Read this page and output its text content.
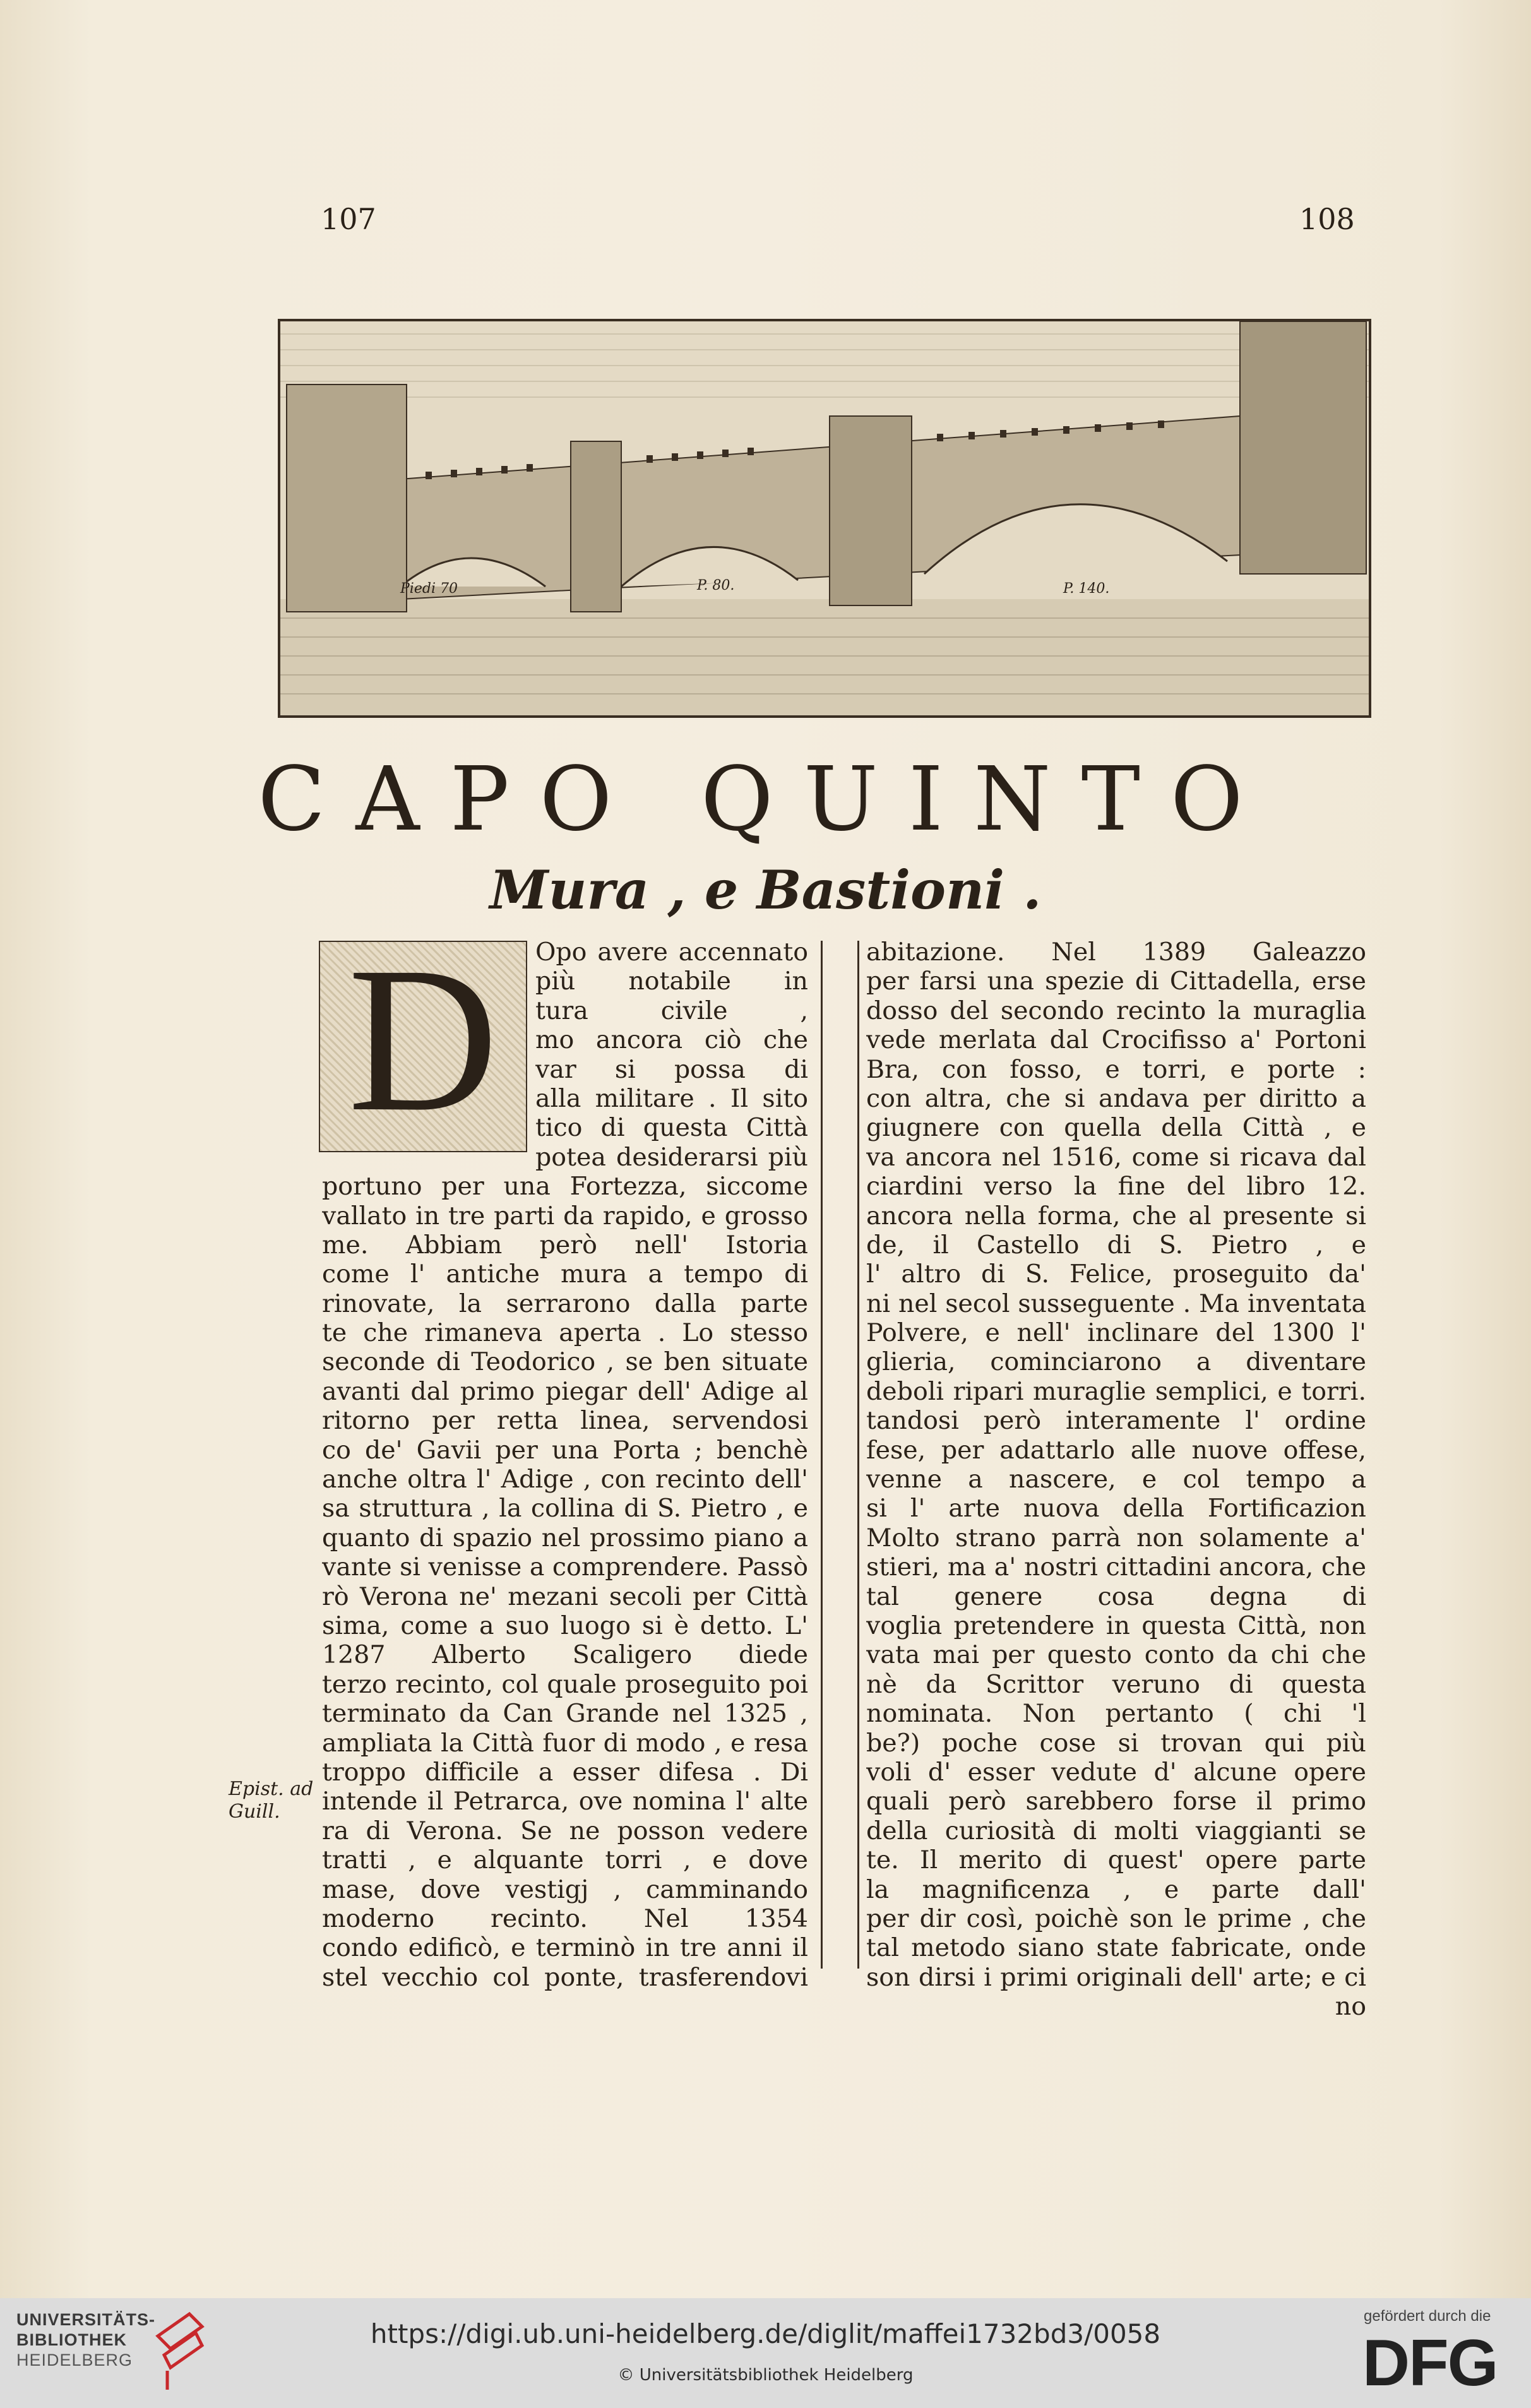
107	108
Piedi 70	P. 80.	P. 140.
CAPO QUINTO
Mura , e Bastioni .
D	Opo avere accennato
più notabile in
tura civile ,
mo ancora ciò che
var si possa di
alla militare . Il sito
tico di questa Città
potea desiderarsi più
portuno per una Fortezza, siccome
vallato in tre parti da rapido, e grosso
me. Abbiam però nell' Istoria
come l' antiche mura a tempo di
rinovate, la serrarono dalla parte
te che rimaneva aperta . Lo stesso
seconde di Teodorico , se ben situate
avanti dal primo piegar dell' Adige al
ritorno per retta linea, servendosi
co de' Gavii per una Porta ; benchè
anche oltra l' Adige , con recinto dell'
sa struttura , la collina di S. Pietro , e
quanto di spazio nel prossimo piano a
vante si venisse a comprendere. Passò
rò Verona ne' mezani secoli per Città
sima, come a suo luogo si è detto. L'
1287 Alberto Scaligero diede
terzo recinto, col quale proseguito poi
terminato da Can Grande nel 1325 ,
ampliata la Città fuor di modo , e resa
troppo difficile a esser difesa . Di
intende il Petrarca, ove nomina l' alte
ra di Verona. Se ne posson vedere
tratti , e alquante torri , e dove
mase, dove vestigj , camminando
moderno recinto. Nel 1354
condo edificò, e terminò in tre anni il
stel vecchio col ponte, trasferendovi
abitazione. Nel 1389 Galeazzo
per farsi una spezie di Cittadella, erse
dosso del secondo recinto la muraglia
vede merlata dal Crocifisso a' Portoni
Bra, con fosso, e torri, e porte :
con altra, che si andava per diritto a
giugnere con quella della Città , e
va ancora nel 1516, come si ricava dal
ciardini verso la fine del libro 12.
ancora nella forma, che al presente si
de, il Castello di S. Pietro , e
l' altro di S. Felice, proseguito da'
ni nel secol susseguente . Ma inventata
Polvere, e nell' inclinare del 1300 l'
glieria, cominciarono a diventare
deboli ripari muraglie semplici, e torri.
tandosi però interamente l' ordine
fese, per adattarlo alle nuove offese,
venne a nascere, e col tempo a
si l' arte nuova della Fortificazion
Molto strano parrà non solamente a'
stieri, ma a' nostri cittadini ancora, che
tal genere cosa degna di
voglia pretendere in questa Città, non
vata mai per questo conto da chi che
nè da Scrittor veruno di questa
nominata. Non pertanto ( chi 'l
be?) poche cose si trovan qui più
voli d' esser vedute d' alcune opere
quali però sarebbero forse il primo
della curiosità di molti viaggianti se
te. Il merito di quest' opere parte
la magnificenza , e parte dall'
per dir così, poichè son le prime , che
tal metodo siano state fabricate, onde
son dirsi i primi originali dell' arte; e ci
no
Epist. ad
Guill.
UNIVERSITÄTS-
BIBLIOTHEK
HEIDELBERG
https://digi.ub.uni-heidelberg.de/diglit/maffei1732bd3/0058
© Universitätsbibliothek Heidelberg
gefördert durch die
DFG
